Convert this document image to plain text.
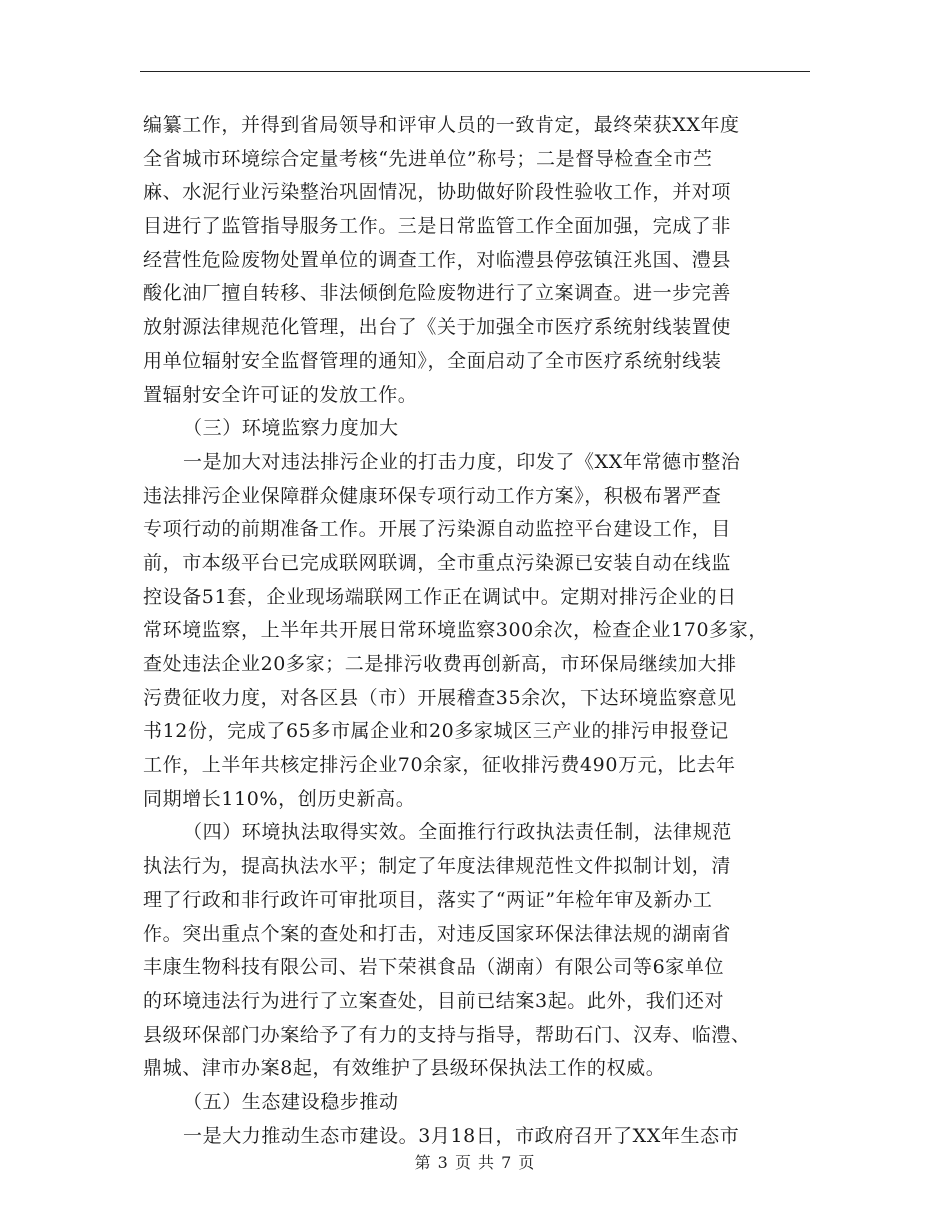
编纂工作，并得到省局领导和评审人员的一致肯定，最终荣获XX年度
全省城市环境综合定量考核“先进单位”称号；二是督导检查全市苎
麻、水泥行业污染整治巩固情况，协助做好阶段性验收工作，并对项
目进行了监管指导服务工作。三是日常监管工作全面加强，完成了非
经营性危险废物处置单位的调查工作，对临澧县停弦镇汪兆国、澧县
酸化油厂擅自转移、非法倾倒危险废物进行了立案调查。进一步完善
放射源法律规范化管理，出台了《关于加强全市医疗系统射线装置使
用单位辐射安全监督管理的通知》，全面启动了全市医疗系统射线装
置辐射安全许可证的发放工作。
（三）环境监察力度加大
一是加大对违法排污企业的打击力度，印发了《XX年常德市整治
违法排污企业保障群众健康环保专项行动工作方案》，积极布署严查
专项行动的前期准备工作。开展了污染源自动监控平台建设工作，目
前，市本级平台已完成联网联调，全市重点污染源已安装自动在线监
控设备51套，企业现场端联网工作正在调试中。定期对排污企业的日
常环境监察，上半年共开展日常环境监察300余次，检查企业170多家，
查处违法企业20多家；二是排污收费再创新高，市环保局继续加大排
污费征收力度，对各区县（市）开展稽查35余次，下达环境监察意见
书12份，完成了65多市属企业和20多家城区三产业的排污申报登记
工作，上半年共核定排污企业70余家，征收排污费490万元，比去年
同期增长110%，创历史新高。
（四）环境执法取得实效。全面推行行政执法责任制，法律规范
执法行为，提高执法水平；制定了年度法律规范性文件拟制计划，清
理了行政和非行政许可审批项目，落实了“两证”年检年审及新办工
作。突出重点个案的查处和打击，对违反国家环保法律法规的湖南省
丰康生物科技有限公司、岩下荣祺食品（湖南）有限公司等6家单位
的环境违法行为进行了立案查处，目前已结案3起。此外，我们还对
县级环保部门办案给予了有力的支持与指导，帮助石门、汉寿、临澧、
鼎城、津市办案8起，有效维护了县级环保执法工作的权威。
（五）生态建设稳步推动
一是大力推动生态市建设。3月18日，市政府召开了XX年生态市
第 3 页 共 7 页
